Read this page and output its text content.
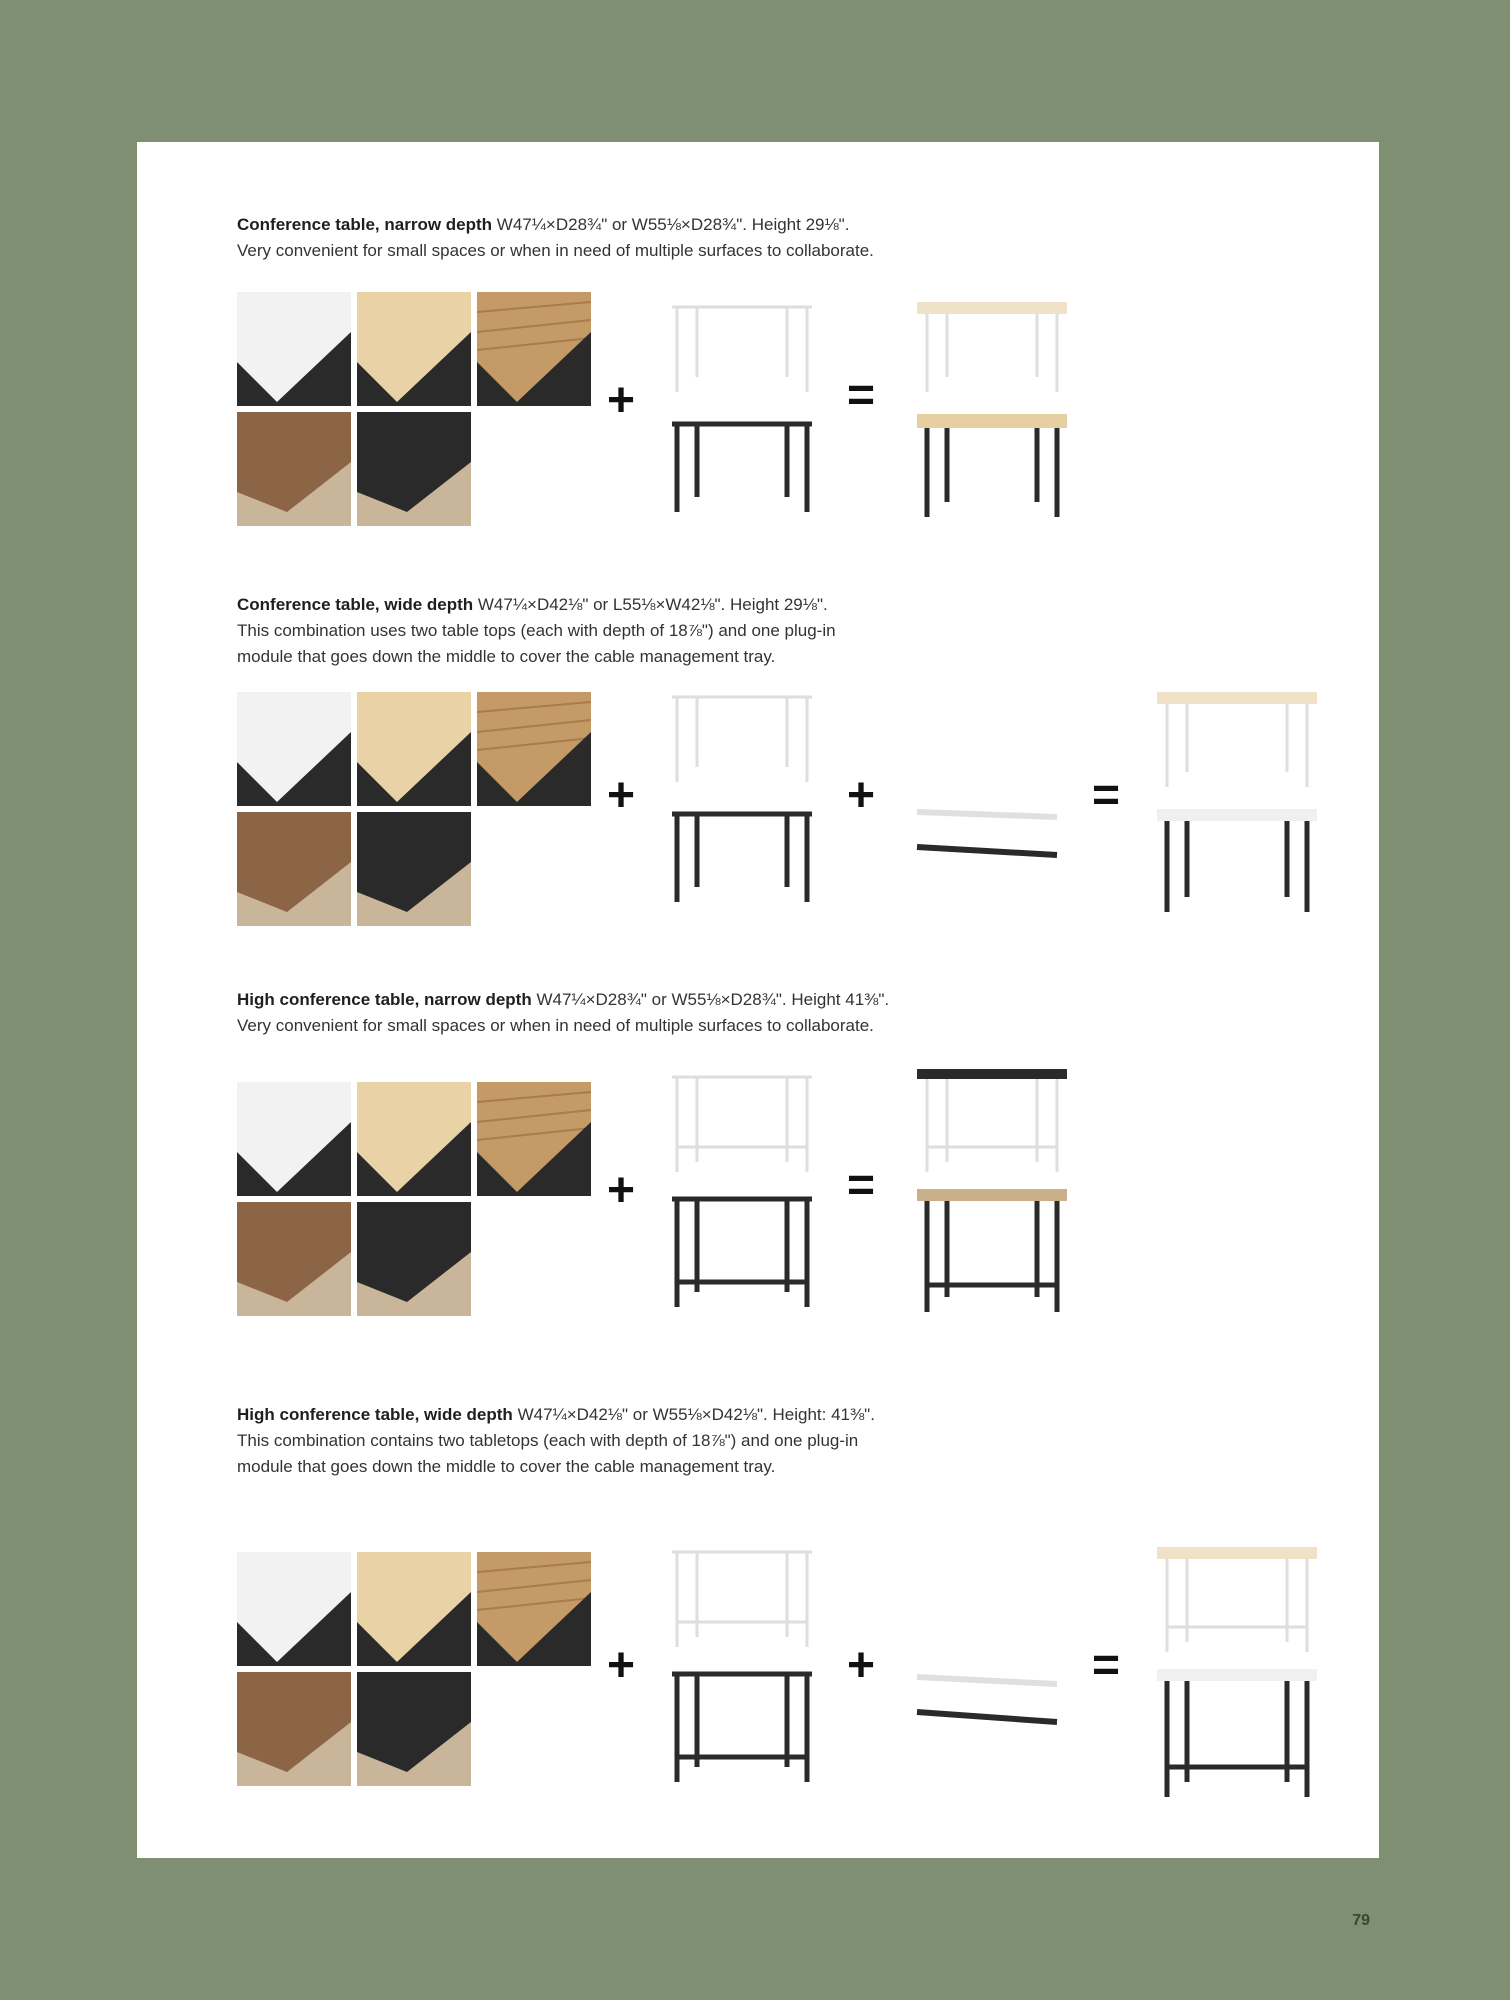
Conference table, narrow depth W47¼×D28¾" or W55⅛×D28¾". Height 29⅛".
Very convenient for small spaces or when in need of multiple surfaces to collaborate.
+	=
Conference table, wide depth W47¼×D42⅛" or L55⅛×W42⅛". Height 29⅛".
This combination uses two table tops (each with depth of 18⅞") and one plug-in
module that goes down the middle to cover the cable management tray.
+	+	=
High conference table, narrow depth W47¼×D28¾" or W55⅛×D28¾". Height 41⅜".
Very convenient for small spaces or when in need of multiple surfaces to collaborate.
+	=
High conference table, wide depth W47¼×D42⅛" or W55⅛×D42⅛". Height: 41⅜".
This combination contains two tabletops (each with depth of 18⅞") and one plug-in
module that goes down the middle to cover the cable management tray.
+	+	=
79
